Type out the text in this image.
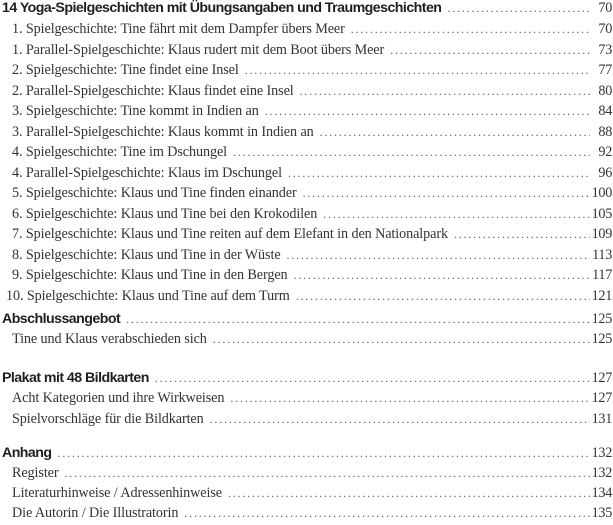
14 Yoga-Spielgeschichten mit Übungsangaben und Traumgeschichten . . .	70
1. Spielgeschichte: Tine fährt mit dem Dampfer übers Meer . . .	70
1. Parallel-Spielgeschichte: Klaus rudert mit dem Boot übers Meer . . .	73
2. Spielgeschichte: Tine findet eine Insel . . .	77
2. Parallel-Spielgeschichte: Klaus findet eine Insel . . .	80
3. Spielgeschichte: Tine kommt in Indien an . . .	84
3. Parallel-Spielgeschichte: Klaus kommt in Indien an . . .	88
4. Spielgeschichte: Tine im Dschungel . . .	92
4. Parallel-Spielgeschichte: Klaus im Dschungel . . .	96
5. Spielgeschichte: Klaus und Tine finden einander . . .	100
6. Spielgeschichte: Klaus und Tine bei den Krokodilen . . .	105
7. Spielgeschichte: Klaus und Tine reiten auf dem Elefant in den Nationalpark . . .	109
8. Spielgeschichte: Klaus und Tine in der Wüste . . .	113
9. Spielgeschichte: Klaus und Tine in den Bergen . . .	117
10. Spielgeschichte: Klaus und Tine auf dem Turm . . .	121
Abschlussangebot . . .	125
Tine und Klaus verabschieden sich . . .	125
Plakat mit 48 Bildkarten . . .	127
Acht Kategorien und ihre Wirkweisen . . .	127
Spielvorschläge für die Bildkarten . . .	131
Anhang . . .	132
Register . . .	132
Literaturhinweise / Adressenhinweise . . .	134
Die Autorin / Die Illustratorin . . .	135
